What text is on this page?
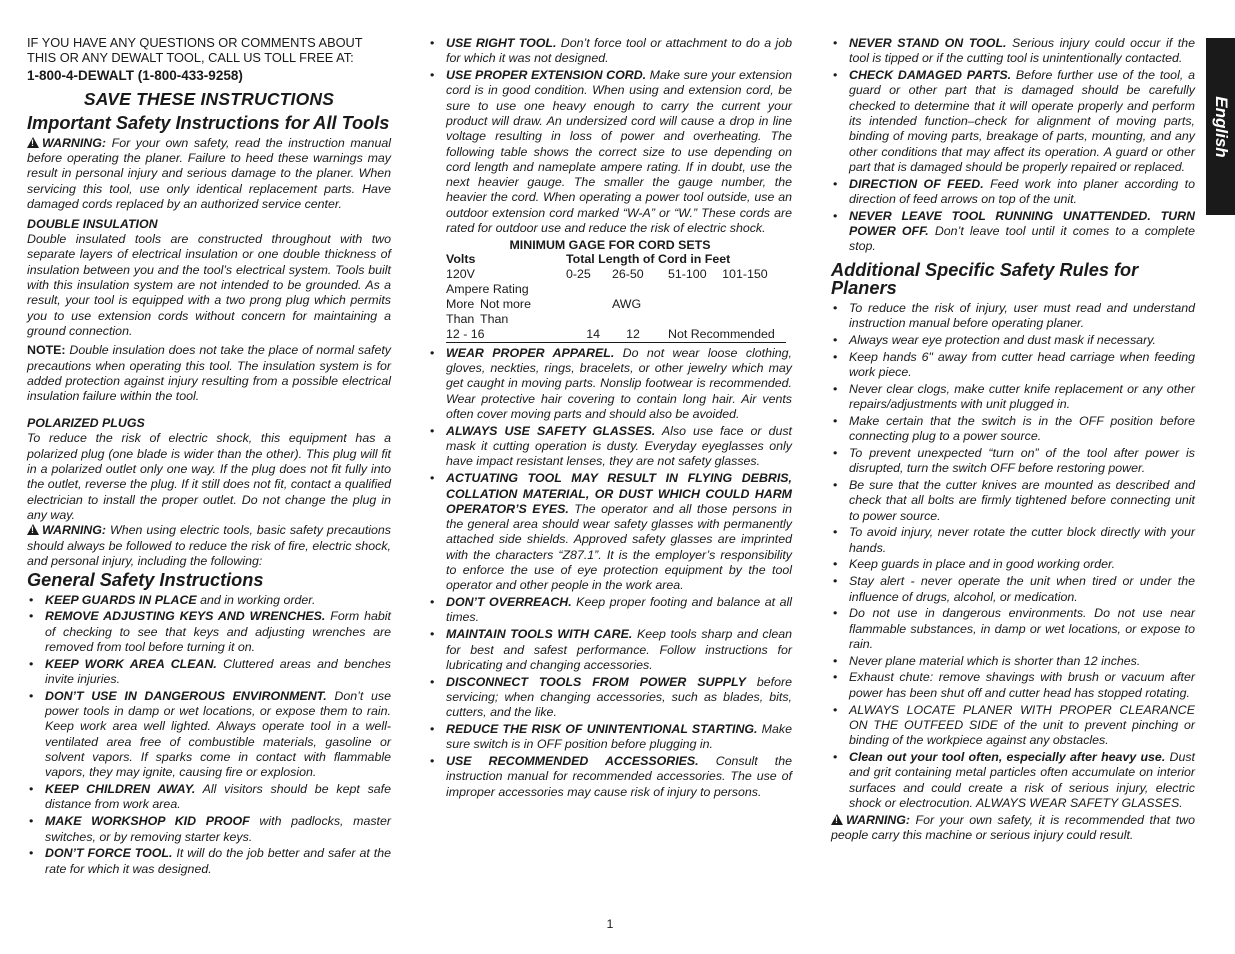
IF YOU HAVE ANY QUESTIONS OR COMMENTS ABOUT THIS OR ANY DEWALT TOOL, CALL US TOLL FREE AT:

1-800-4-DEWALT (1-800-433-9258)
SAVE THESE INSTRUCTIONS
Important Safety Instructions for All Tools

!WARNING: For your own safety, read the instruction manual before operating the planer. Failure to heed these warnings may result in personal injury and serious damage to the planer. When servicing this tool, use only identical replacement parts. Have damaged cords replaced by an authorized service center.

DOUBLE INSULATION

Double insulated tools are constructed throughout with two separate layers of electrical insulation or one double thickness of insulation between you and the tool’s electrical system. Tools built with this insulation system are not intended to be grounded. As a result, your tool is equipped with a two prong plug which permits you to use extension cords without concern for maintaining a ground connection.

NOTE: Double insulation does not take the place of normal safety precautions when operating this tool. The insulation system is for added protection against injury resulting from a possible electrical insulation failure within the tool.

POLARIZED PLUGS

To reduce the risk of electric shock, this equipment has a polarized plug (one blade is wider than the other). This plug will fit in a polarized outlet only one way. If the plug does not fit fully into the outlet, reverse the plug. If it still does not fit, contact a qualified electrician to install the proper outlet. Do not change the plug in any way.

!WARNING: When using electric tools, basic safety precautions should always be followed to reduce the risk of fire, electric shock, and personal injury, including the following:

General Safety Instructions
• KEEP GUARDS IN PLACE and in working order.
• REMOVE ADJUSTING KEYS AND WRENCHES. Form habit of checking to see that keys and adjusting wrenches are removed from tool before turning it on.
• KEEP WORK AREA CLEAN. Cluttered areas and benches invite injuries.
• DON’T USE IN DANGEROUS ENVIRONMENT. Don’t use power tools in damp or wet locations, or expose them to rain. Keep work area well lighted. Always operate tool in a well-ventilated area free of combustible materials, gasoline or solvent vapors. If sparks come in contact with flammable vapors, they may ignite, causing fire or explosion.
• KEEP CHILDREN AWAY. All visitors should be kept safe distance from work area.
• MAKE WORKSHOP KID PROOF with padlocks, master switches, or by removing starter keys.
• DON’T FORCE TOOL. It will do the job better and safer at the rate for which it was designed.
• USE RIGHT TOOL. Don’t force tool or attachment to do a job for which it was not designed.
• USE PROPER EXTENSION CORD. Make sure your extension cord is in good condition. When using and extension cord, be sure to use one heavy enough to carry the current your product will draw. An undersized cord will cause a drop in line voltage resulting in loss of power and overheating. The following table shows the correct size to use depending on cord length and nameplate ampere rating. If in doubt, use the next heavier gauge. The smaller the gauge number, the heavier the cord. When operating a power tool outside, use an outdoor extension cord marked “W-A” or “W.” These cords are rated for outdoor use and reduce the risk of electric shock.
MINIMUM GAGE FOR CORD SETS
Volts		Total Length of Cord in Feet			
120V		0-25	26-50	51-100	101-150
Ampere Rating					
More	Not more		AWG		
Than	Than				
12 - 16		14	12	Not Recommended	
• WEAR PROPER APPAREL. Do not wear loose clothing, gloves, neckties, rings, bracelets, or other jewelry which may get caught in moving parts. Nonslip footwear is recommended. Wear protective hair covering to contain long hair. Air vents often cover moving parts and should also be avoided.
• ALWAYS USE SAFETY GLASSES. Also use face or dust mask it cutting operation is dusty. Everyday eyeglasses only have impact resistant lenses, they are not safety glasses.
• ACTUATING TOOL MAY RESULT IN FLYING DEBRIS, COLLATION MATERIAL, OR DUST WHICH COULD HARM OPERATOR’S EYES. The operator and all those persons in the general area should wear safety glasses with permanently attached side shields. Approved safety glasses are imprinted with the characters “Z87.1”. It is the employer’s responsibility to enforce the use of eye protection equipment by the tool operator and other people in the work area.
• DON’T OVERREACH. Keep proper footing and balance at all times.
• MAINTAIN TOOLS WITH CARE. Keep tools sharp and clean for best and safest performance. Follow instructions for lubricating and changing accessories.
• DISCONNECT TOOLS FROM POWER SUPPLY before servicing; when changing accessories, such as blades, bits, cutters, and the like.
• REDUCE THE RISK OF UNINTENTIONAL STARTING. Make sure switch is in OFF position before plugging in.
• USE RECOMMENDED ACCESSORIES. Consult the instruction manual for recommended accessories. The use of improper accessories may cause risk of injury to persons.
• NEVER STAND ON TOOL. Serious injury could occur if the tool is tipped or if the cutting tool is unintentionally contacted.
• CHECK DAMAGED PARTS. Before further use of the tool, a guard or other part that is damaged should be carefully checked to determine that it will operate properly and perform its intended function–check for alignment of moving parts, binding of moving parts, breakage of parts, mounting, and any other conditions that may affect its operation. A guard or other part that is damaged should be properly repaired or replaced.
• DIRECTION OF FEED. Feed work into planer according to direction of feed arrows on top of the unit.
• NEVER LEAVE TOOL RUNNING UNATTENDED. TURN POWER OFF. Don’t leave tool until it comes to a complete stop.
Additional Specific Safety Rules for Planers
• To reduce the risk of injury, user must read and understand instruction manual before operating planer.
• Always wear eye protection and dust mask if necessary.
• Keep hands 6" away from cutter head carriage when feeding work piece.
• Never clear clogs, make cutter knife replacement or any other repairs/adjustments with unit plugged in.
• Make certain that the switch is in the OFF position before connecting plug to a power source.
• To prevent unexpected “turn on” of the tool after power is disrupted, turn the switch OFF before restoring power.
• Be sure that the cutter knives are mounted as described and check that all bolts are firmly tightened before connecting unit to power source.
• To avoid injury, never rotate the cutter block directly with your hands.
• Keep guards in place and in good working order.
• Stay alert - never operate the unit when tired or under the influence of drugs, alcohol, or medication.
• Do not use in dangerous environments. Do not use near flammable substances, in damp or wet locations, or expose to rain.
• Never plane material which is shorter than 12 inches.
• Exhaust chute: remove shavings with brush or vacuum after power has been shut off and cutter head has stopped rotating.
• ALWAYS LOCATE PLANER WITH PROPER CLEARANCE ON THE OUTFEED SIDE of the unit to prevent pinching or binding of the workpiece against any obstacles.
• Clean out your tool often, especially after heavy use. Dust and grit containing metal particles often accumulate on interior surfaces and could create a risk of serious injury, electric shock or electrocution. ALWAYS WEAR SAFETY GLASSES.

!WARNING: For your own safety, it is recommended that two people carry this machine or serious injury could result.

English
1
